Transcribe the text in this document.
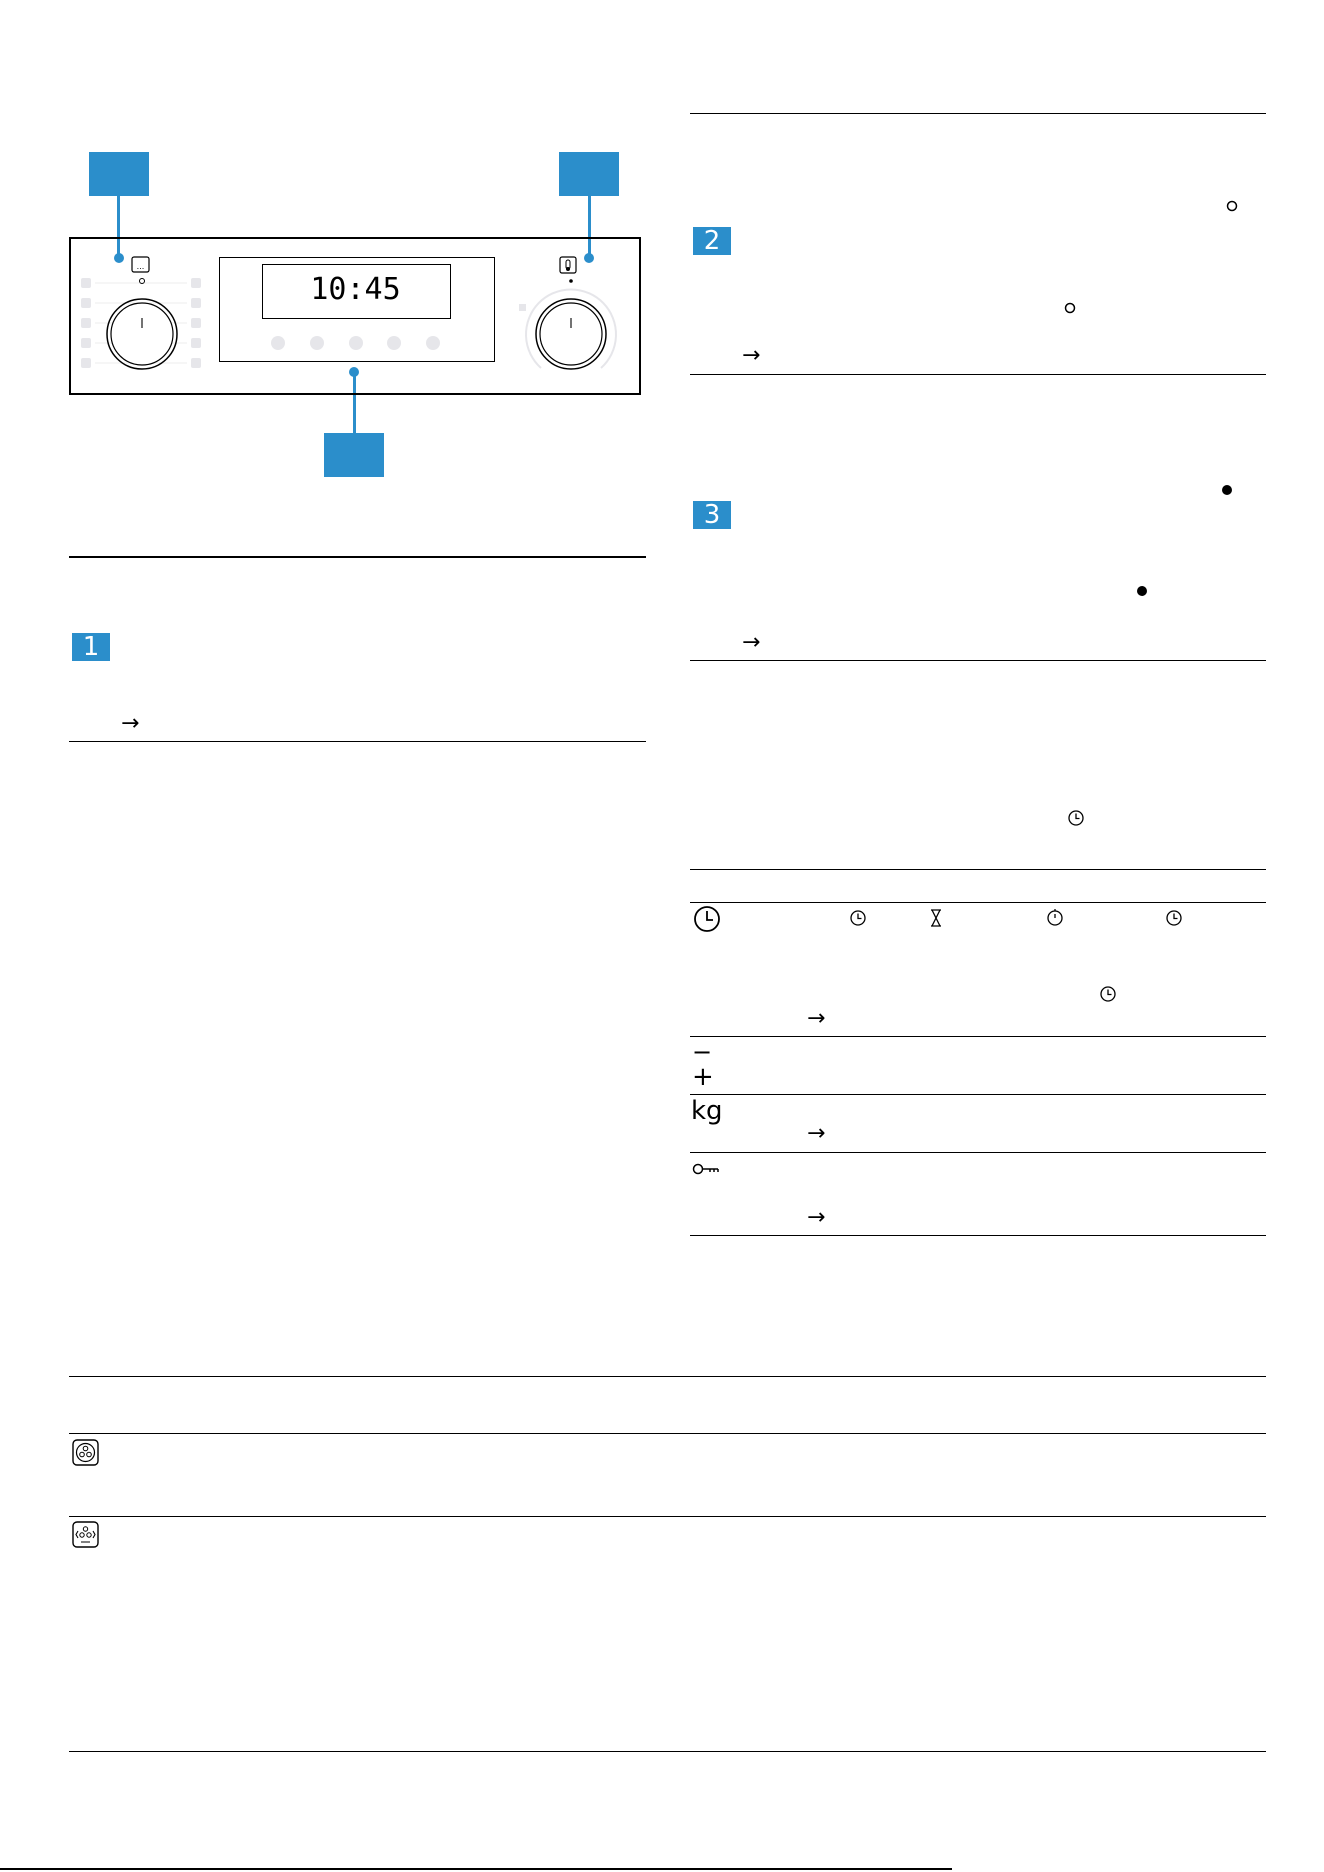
...
10:45
1
→
2
→
3
→
→
−
+
kg
→
→
